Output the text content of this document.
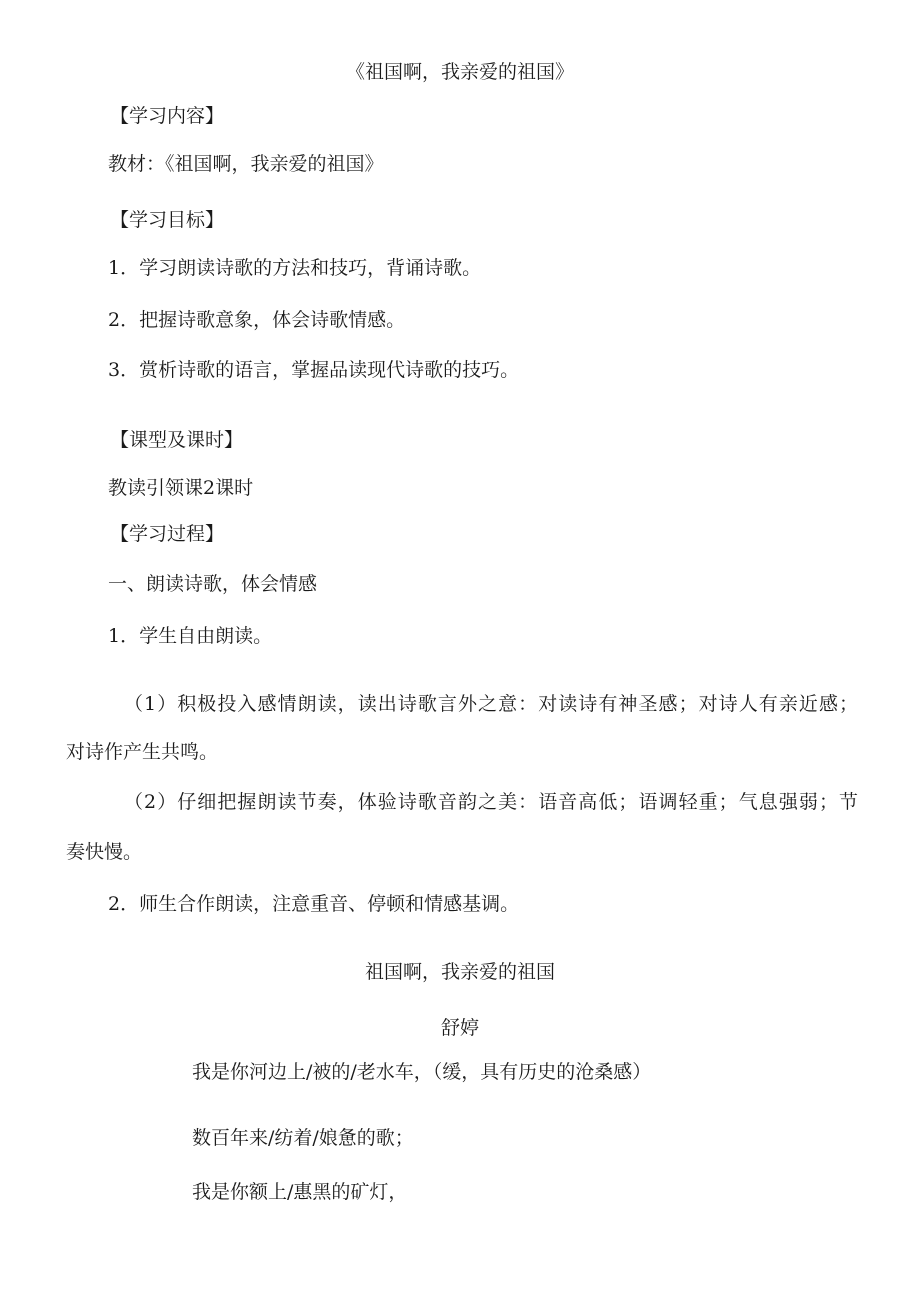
《祖国啊，我亲爱的祖国》
【学习内容】
教材：《祖国啊，我亲爱的祖国》
【学习目标】
1．学习朗读诗歌的方法和技巧，背诵诗歌。
2．把握诗歌意象，体会诗歌情感。
3．赏析诗歌的语言，掌握品读现代诗歌的技巧。
【课型及课时】
教读引领课2课时
【学习过程】
一、朗读诗歌，体会情感
1．学生自由朗读。
（1）积极投入感情朗读，读出诗歌言外之意：对读诗有神圣感；对诗人有亲近感；
对诗作产生共鸣。
（2）仔细把握朗读节奏，体验诗歌音韵之美：语音高低；语调轻重；气息强弱；节
奏快慢。
2．师生合作朗读，注意重音、停顿和情感基调。
祖国啊，我亲爱的祖国
舒婷
我是你河边上/被的/老水车，（缓，具有历史的沧桑感）
数百年来/纺着/娘惫的歌；
我是你额上/惠黑的矿灯，
